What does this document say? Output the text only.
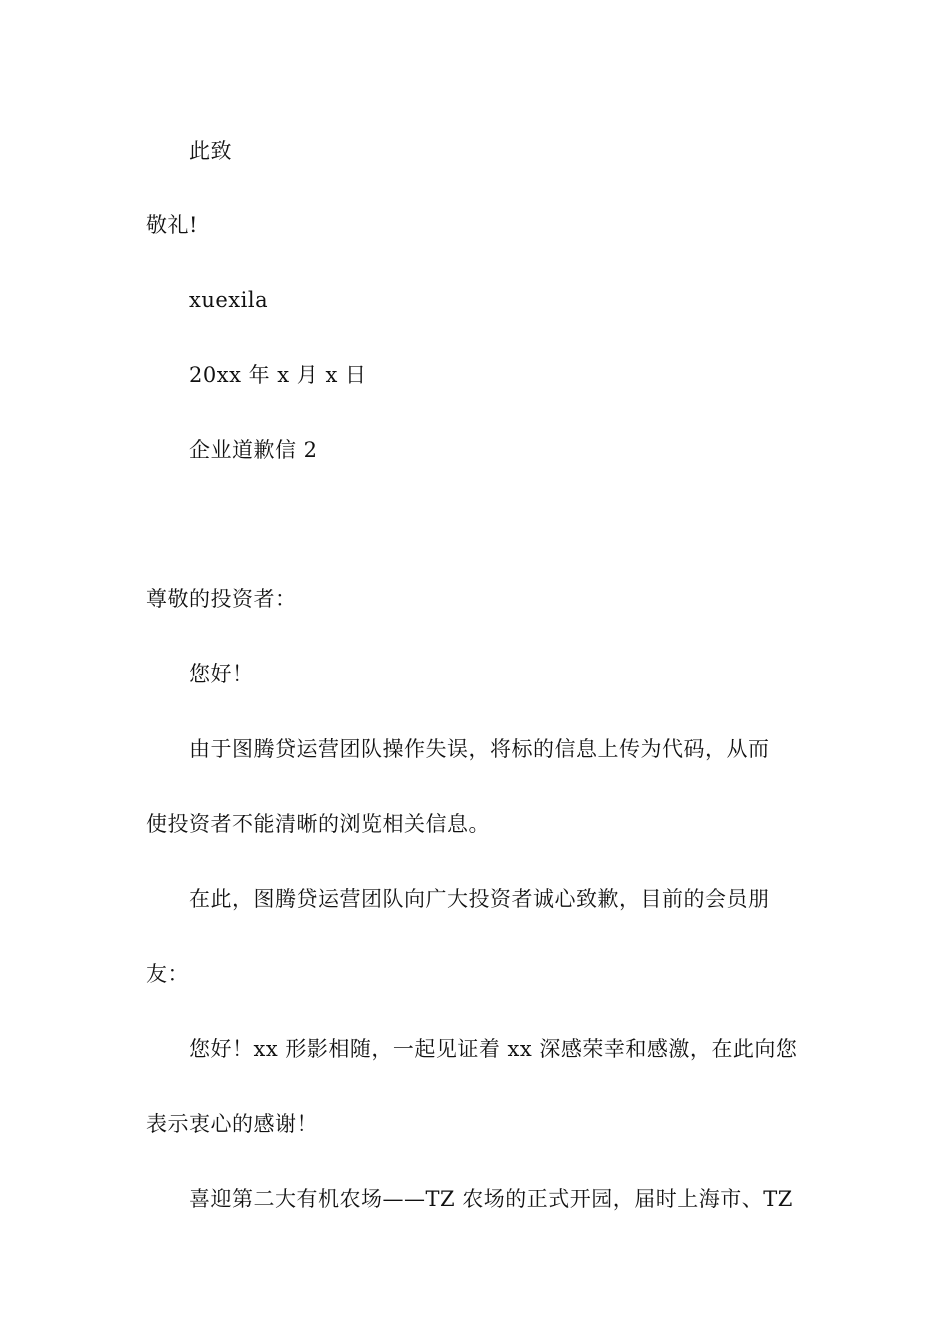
此致
敬礼!
xuexila
20xx 年 x 月 x 日
企业道歉信 2
尊敬的投资者：
您好！
由于图腾贷运营团队操作失误，将标的信息上传为代码，从而
使投资者不能清晰的浏览相关信息。
在此，图腾贷运营团队向广大投资者诚心致歉，目前的会员朋
友：
您好！xx 形影相随，一起见证着 xx 深感荣幸和感激，在此向您
表示衷心的感谢！
喜迎第二大有机农场——TZ 农场的正式开园，届时上海市、TZ
